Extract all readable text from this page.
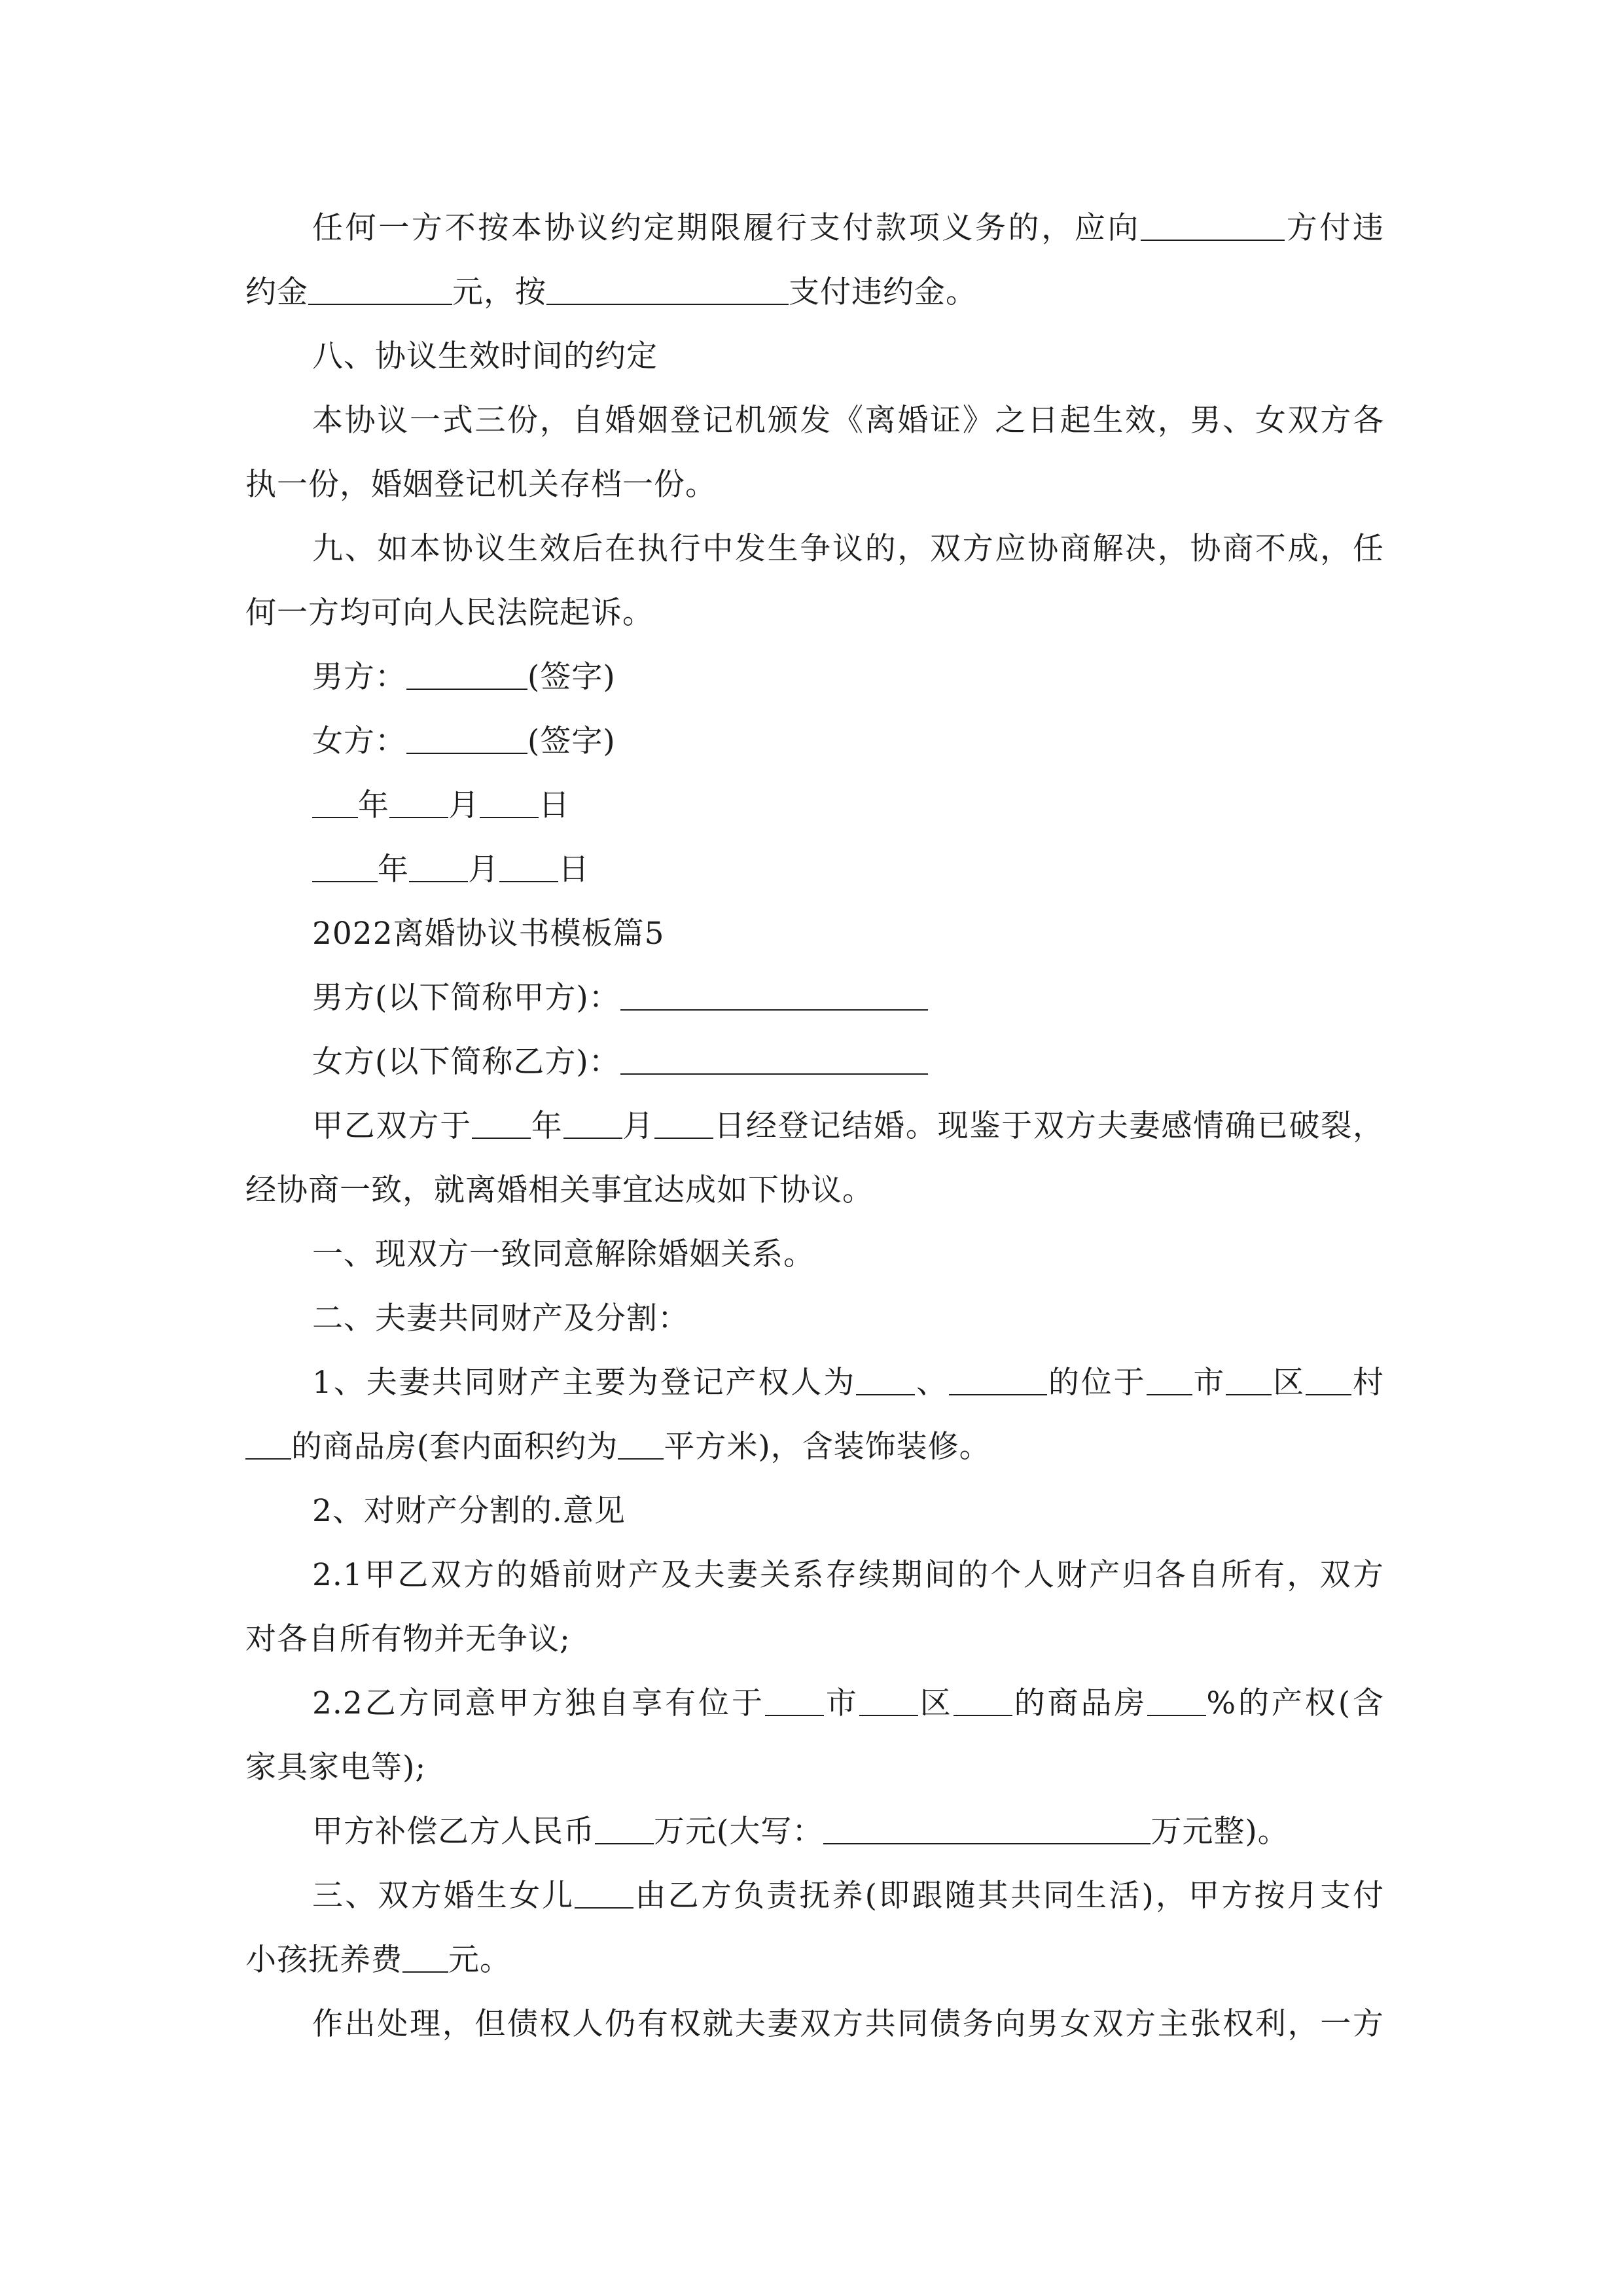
任何一方不按本协议约定期限履行支付款项义务的，应向	方付违
约金	元，按	支付违约金。
八、协议生效时间的约定
本协议一式三份，自婚姻登记机颁发《离婚证》之日起生效，男、女双方各
执一份，婚姻登记机关存档一份。
九、如本协议生效后在执行中发生争议的，双方应协商解决，协商不成，任
何一方均可向人民法院起诉。
男方：	(签字)
女方：	(签字)
年 月 日
年 月 日
2022离婚协议书模板篇5
男方(以下简称甲方)：
女方(以下简称乙方)：
甲乙双方于 年 月 日经登记结婚。现鉴于双方夫妻感情确已破裂，
经协商一致，就离婚相关事宜达成如下协议。
一、现双方一致同意解除婚姻关系。
二、夫妻共同财产及分割：
1、夫妻共同财产主要为登记产权人为 、	的位于 市 区 村
的商品房(套内面积约为 平方米)，含装饰装修。
2、对财产分割的.意见
2.1甲乙双方的婚前财产及夫妻关系存续期间的个人财产归各自所有，双方
对各自所有物并无争议;
2.2乙方同意甲方独自享有位于 市 区 的商品房 %的产权(含
家具家电等);
甲方补偿乙方人民币 万元(大写：	万元整)。
三、双方婚生女儿 由乙方负责抚养(即跟随其共同生活)，甲方按月支付
小孩抚养费 元。
作出处理，但债权人仍有权就夫妻双方共同债务向男女双方主张权利，一方
